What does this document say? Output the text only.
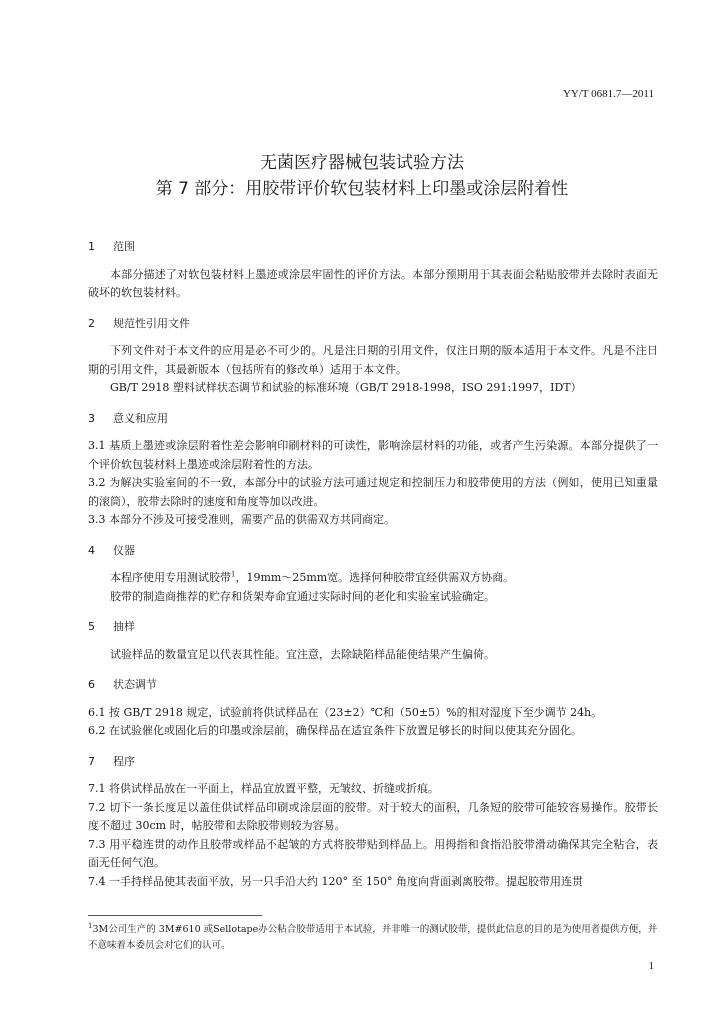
YY/T 0681.7—2011
无菌医疗器械包装试验方法
第 7 部分：用胶带评价软包装材料上印墨或涂层附着性
1 范围

本部分描述了对软包装材料上墨迹或涂层牢固性的评价方法。本部分预期用于其表面会粘贴胶带并去除时表面无破坏的软包装材料。

2 规范性引用文件

下列文件对于本文件的应用是必不可少的。凡是注日期的引用文件，仅注日期的版本适用于本文件。凡是不注日期的引用文件，其最新版本（包括所有的修改单）适用于本文件。

GB/T 2918 塑料试样状态调节和试验的标准环境（GB/T 2918-1998，ISO 291:1997，IDT）

3 意义和应用

3.1 基质上墨迹或涂层附着性差会影响印刷材料的可读性，影响涂层材料的功能，或者产生污染源。本部分提供了一个评价软包装材料上墨迹或涂层附着性的方法。

3.2 为解决实验室间的不一致，本部分中的试验方法可通过规定和控制压力和胶带使用的方法（例如，使用已知重量的滚筒），胶带去除时的速度和角度等加以改进。

3.3 本部分不涉及可接受准则，需要产品的供需双方共同商定。

4 仪器

本程序使用专用测试胶带$^1$，19mm～25mm宽。选择何种胶带宜经供需双方协商。

胶带的制造商推荐的贮存和货架寿命宜通过实际时间的老化和实验室试验确定。

5 抽样

试验样品的数量宜足以代表其性能。宜注意，去除缺陷样品能使结果产生偏倚。

6 状态调节

6.1 按 GB/T 2918 规定，试验前将供试样品在（23±2）℃和（50±5）%的相对湿度下至少调节 24h。

6.2 在试验催化或固化后的印墨或涂层前，确保样品在适宜条件下放置足够长的时间以使其充分固化。

7 程序

7.1 将供试样品放在一平面上，样品宜放置平整，无皱纹、折缝或折痕。

7.2 切下一条长度足以盖住供试样品印刷或涂层面的胶带。对于较大的面积，几条短的胶带可能较容易操作。胶带长度不超过 30cm 时，帖胶带和去除胶带则较为容易。

7.3 用平稳连贯的动作且胶带或样品不起皱的方式将胶带贴到样品上。用拇指和食指沿胶带滑动确保其完全粘合，表面无任何气泡。

7.4 一手持样品使其表面平放，另一只手沿大约 120° 至 150° 角度向背面剥离胶带。提起胶带用连贯

$^1$3M公司生产的 3M#610 或Sellotape办公粘合胶带适用于本试验，并非唯一的测试胶带，提供此信息的目的是为使用者提供方便，并不意味着本委员会对它们的认可。
1
